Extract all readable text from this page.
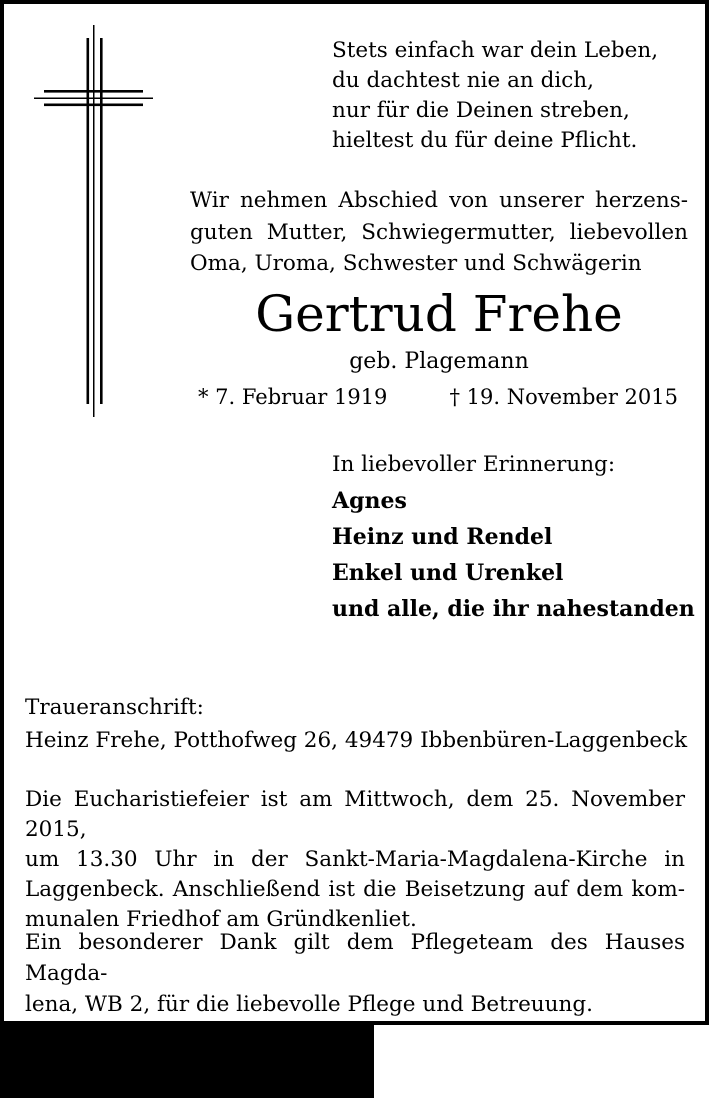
Stets einfach war dein Leben,
du dachtest nie an dich,
nur für die Deinen streben,
hieltest du für deine Pflicht.
Wir nehmen Abschied von unserer herzens-
guten Mutter, Schwiegermutter, liebevollen
Oma, Uroma, Schwester und Schwägerin
Gertrud Frehe
geb. Plagemann
* 7. Februar 1919	† 19. November 2015
In liebevoller Erinnerung:
Agnes
Heinz und Rendel
Enkel und Urenkel
und alle, die ihr nahestanden
Traueranschrift:
Heinz Frehe, Potthofweg 26, 49479 Ibbenbüren-Laggenbeck
Die Eucharistiefeier ist am Mittwoch, dem 25. November 2015,
um 13.30 Uhr in der Sankt-Maria-Magdalena-Kirche in
Laggenbeck. Anschließend ist die Beisetzung auf dem kom-
munalen Friedhof am Gründkenliet.
Ein besonderer Dank gilt dem Pflegeteam des Hauses Magda-
lena, WB 2, für die liebevolle Pflege und Betreuung.
